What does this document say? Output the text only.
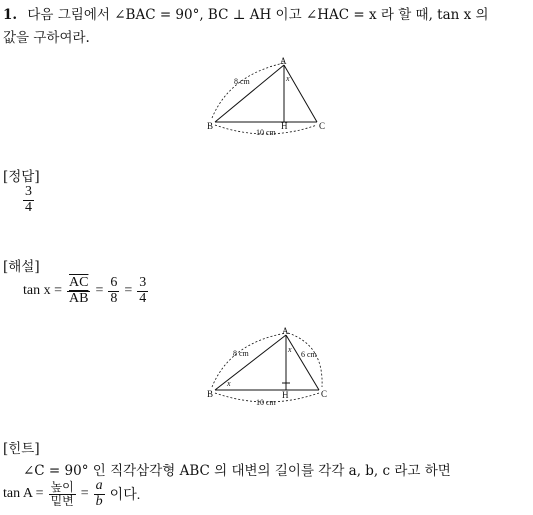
1. 다음 그림에서 ∠BAC = 90°, BC ⊥ AH 이고 ∠HAC = x 라 할 때, tan x 의
값을 구하여라.
A
B	C
H
x
8 cm
10 cm
[정답]
$\frac{3}{4}$
[해설]
$\tan x = \frac{\overline{AC}}{AB} = \frac{6}{8} = \frac{3}{4}$
A
B	C
H
x
x
8 cm	6 cm
10 cm
[힌트]
∠C = 90° 인 직각삼각형 ABC 의 대변의 길이를 각각 a, b, c 라고 하면
$\tan A = \frac{\text{높이}}{\text{밑변}} = \frac{a}{b}$ 이다.
